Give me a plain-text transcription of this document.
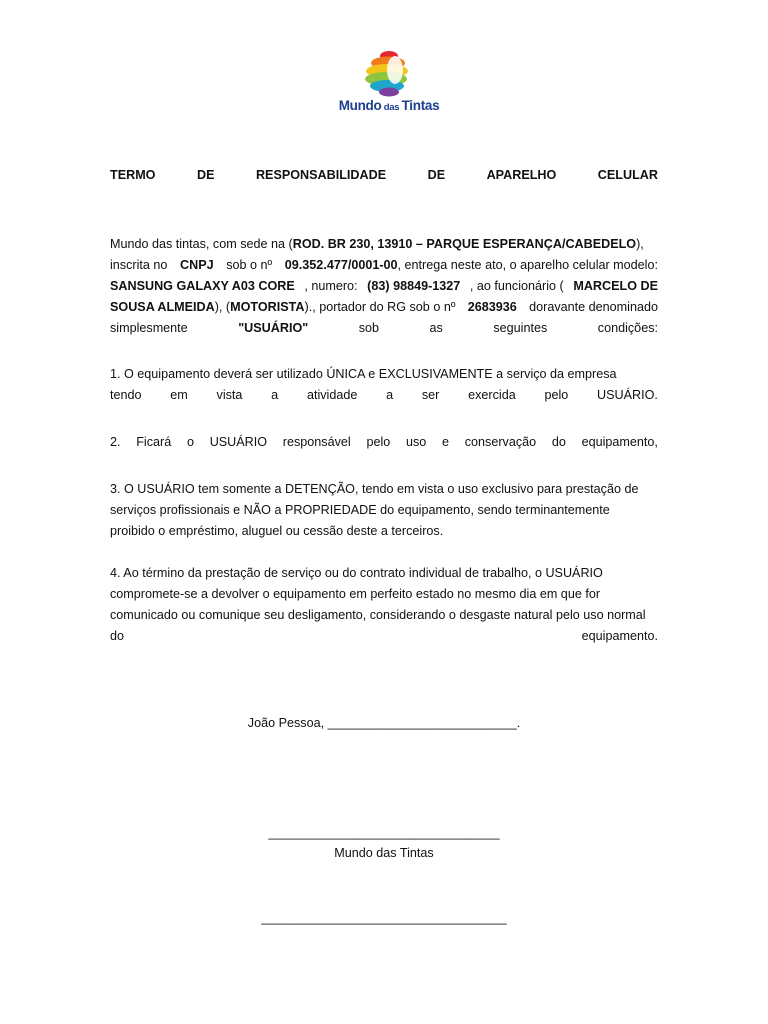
Mundo das Tintas
TERMO	DE	RESPONSABILIDADE	DE	APARELHO	CELULAR
Mundo das tintas, com sede na (ROD. BR 230, 13910 – PARQUE ESPERANÇA/CABEDELO),
inscrita no CNPJ sob o nº 09.352.477/0001-00, entrega neste ato, o aparelho celular modelo:
SANSUNG GALAXY A03 CORE , numero: (83) 98849-1327 , ao funcionário ( MARCELO DE
SOUSA ALMEIDA), (MOTORISTA)., portador do RG sob o nº 2683936 doravante denominado
simplesmente	"USUÁRIO"	sob	as	seguintes	condições:
1. O equipamento deverá ser utilizado ÚNICA e EXCLUSIVAMENTE a serviço da empresa
tendo em vista a atividade a ser exercida pelo USUÁRIO.
2. Ficará o USUÁRIO responsável pelo uso e conservação do equipamento,
3. O USUÁRIO tem somente a DETENÇÃO, tendo em vista o uso exclusivo para prestação de
serviços profissionais e NÃO a PROPRIEDADE do equipamento, sendo terminantemente
proibido o empréstimo, aluguel ou cessão deste a terceiros.
4. Ao término da prestação de serviço ou do contrato individual de trabalho, o USUÁRIO
compromete-se a devolver o equipamento em perfeito estado no mesmo dia em que for
comunicado ou comunique seu desligamento, considerando o desgaste natural pelo uso normal
do	equipamento.
João Pessoa, ___________________________.
_________________________________
Mundo das Tintas
___________________________________
